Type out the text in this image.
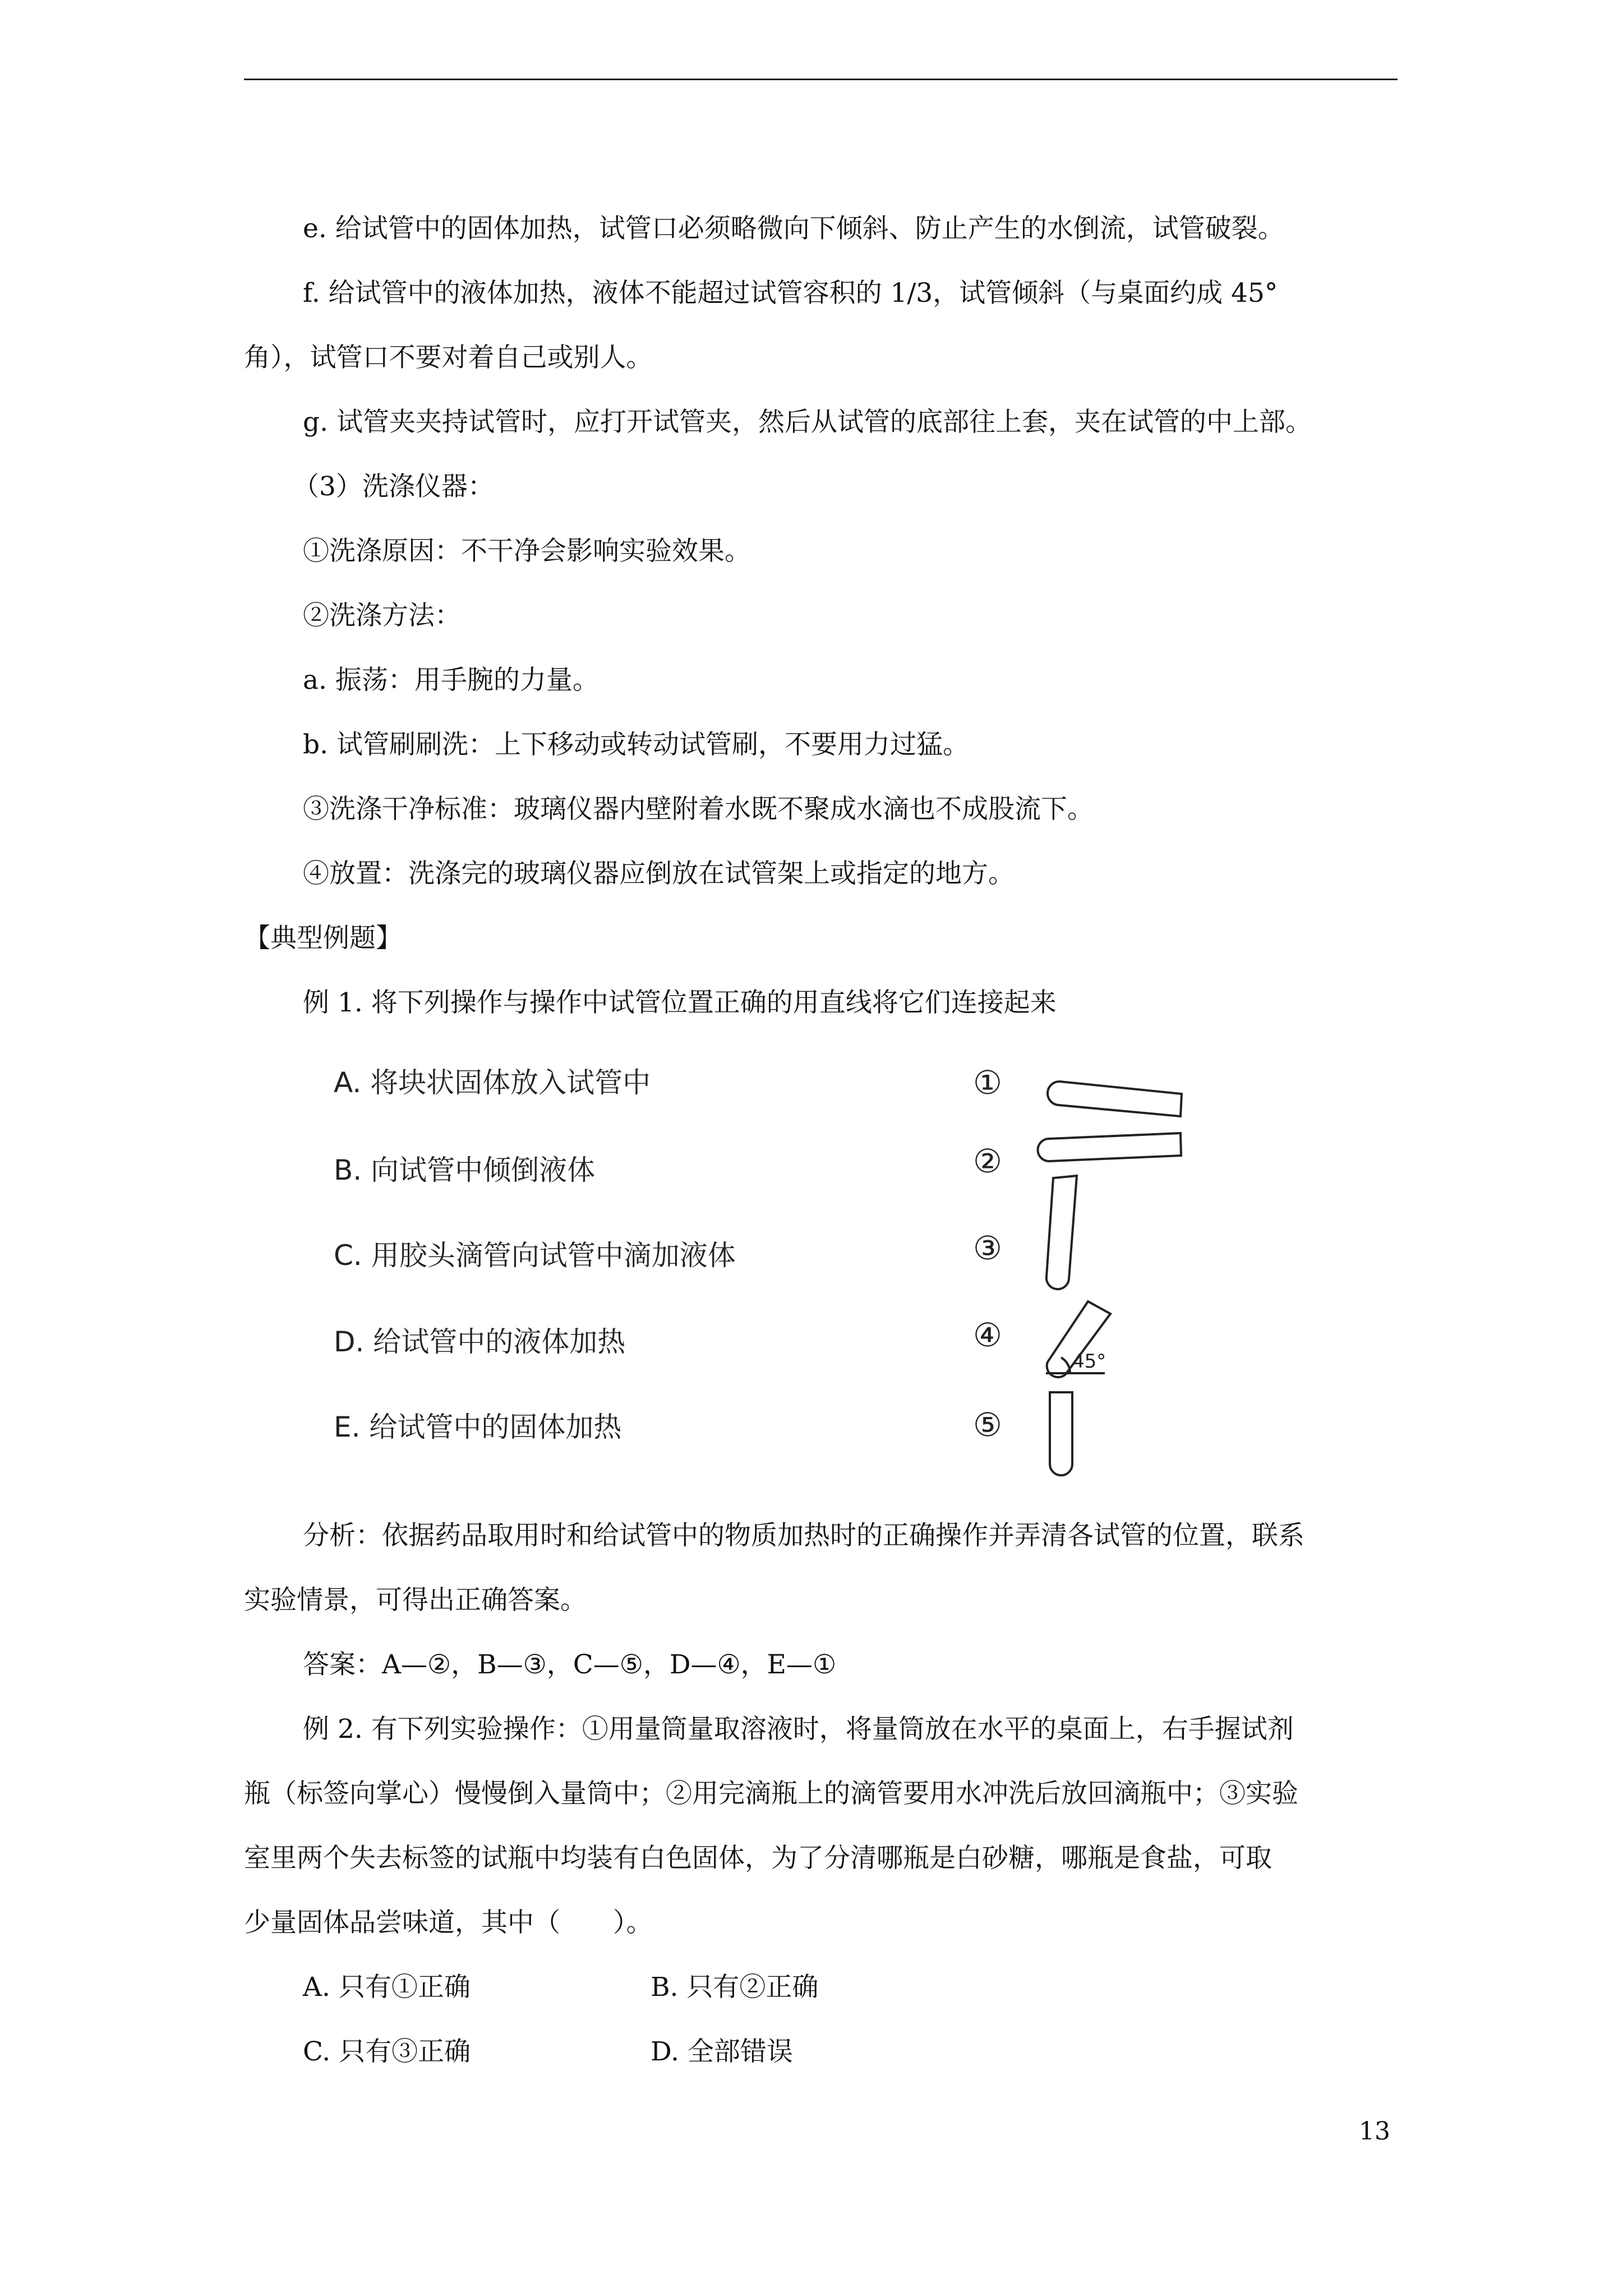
e. 给试管中的固体加热，试管口必须略微向下倾斜、防止产生的水倒流，试管破裂。
f. 给试管中的液体加热，液体不能超过试管容积的 1/3，试管倾斜（与桌面约成 45°
角），试管口不要对着自己或别人。
g. 试管夹夹持试管时，应打开试管夹，然后从试管的底部往上套，夹在试管的中上部。
（3）洗涤仪器：
①洗涤原因：不干净会影响实验效果。
②洗涤方法：
a. 振荡：用手腕的力量。
b. 试管刷刷洗：上下移动或转动试管刷，不要用力过猛。
③洗涤干净标准：玻璃仪器内壁附着水既不聚成水滴也不成股流下。
④放置：洗涤完的玻璃仪器应倒放在试管架上或指定的地方。
【典型例题】
例 1. 将下列操作与操作中试管位置正确的用直线将它们连接起来
A. 将块状固体放入试管中
B. 向试管中倾倒液体
C. 用胶头滴管向试管中滴加液体
D. 给试管中的液体加热
E. 给试管中的固体加热
①
②
③
④
⑤
45°
分析：依据药品取用时和给试管中的物质加热时的正确操作并弄清各试管的位置，联系
实验情景，可得出正确答案。
答案：A—②，B—③，C—⑤，D—④，E—①
例 2. 有下列实验操作：①用量筒量取溶液时，将量筒放在水平的桌面上，右手握试剂
瓶（标签向掌心）慢慢倒入量筒中；②用完滴瓶上的滴管要用水冲洗后放回滴瓶中；③实验
室里两个失去标签的试瓶中均装有白色固体，为了分清哪瓶是白砂糖，哪瓶是食盐，可取
少量固体品尝味道，其中（　　）。
A. 只有①正确	B. 只有②正确
C. 只有③正确	D. 全部错误
13
